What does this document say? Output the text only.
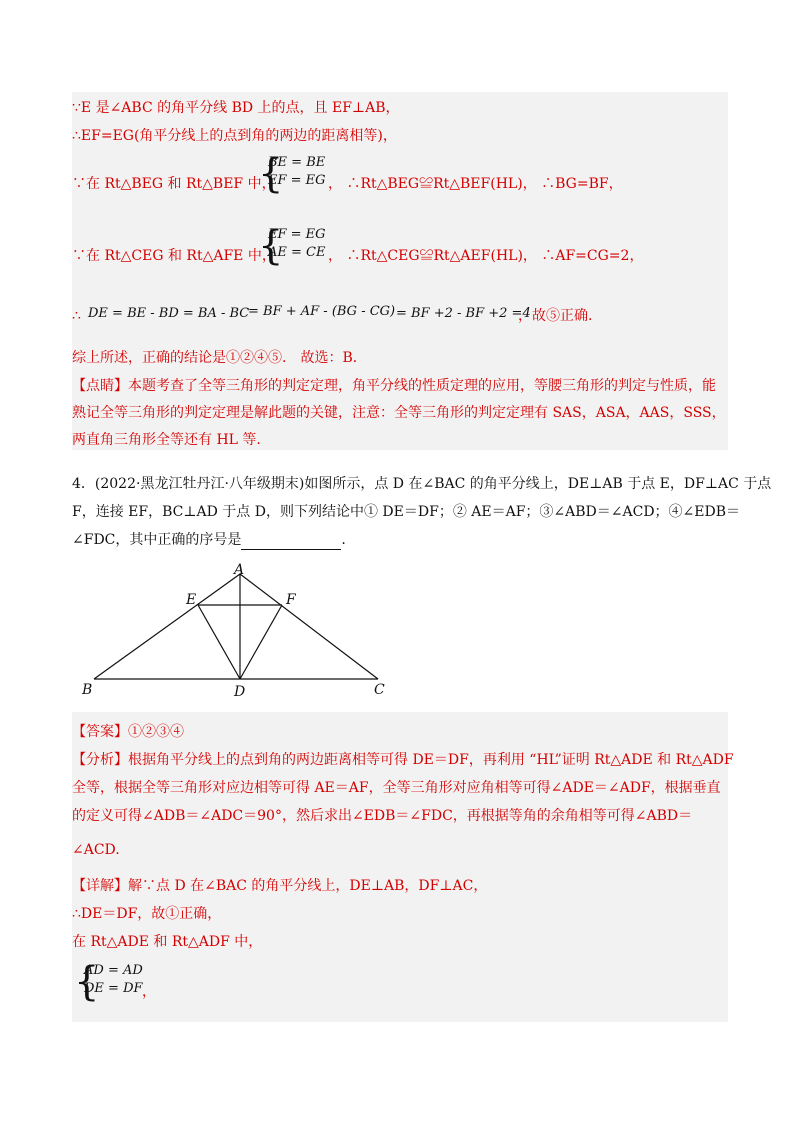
∵E 是∠ABC 的角平分线 BD 上的点，且 EF⊥AB，
∴EF=EG(角平分线上的点到角的两边的距离相等)，
∵在 Rt△BEG 和 Rt△BEF 中，
{
BE = BE
EF = EG ， ∴Rt△BEG≌Rt△BEF(HL)， ∴BG=BF，
∵在 Rt△CEG 和 Rt△AFE 中，
{
EF = EG
AE = CE ， ∴Rt△CEG≌Rt△AEF(HL)， ∴AF=CG=2，
∴ DE = BE - BD = BA - BC
= BF + AF - (BG - CG) = BF +2 - BF +2 =4
，故⑤正确.
综上所述，正确的结论是①②④⑤． 故选：B．
【点睛】本题考查了全等三角形的判定定理，角平分线的性质定理的应用，等腰三角形的判定与性质，能
熟记全等三角形的判定定理是解此题的关键，注意：全等三角形的判定定理有 SAS，ASA，AAS，SSS，
两直角三角形全等还有 HL 等.
4．(2022·黑龙江牡丹江·八年级期末)如图所示，点 D 在∠BAC 的角平分线上，DE⊥AB 于点 E，DF⊥AC 于点
F，连接 EF，BC⊥AD 于点 D，则下列结论中① DE＝DF；② AE＝AF；③∠ABD＝∠ACD；④∠EDB＝
∠FDC，其中正确的序号是	.
A
B	C
D
E	F
【答案】①②③④
【分析】根据角平分线上的点到角的两边距离相等可得 DE＝DF，再利用 “HL”证明 Rt△ADE 和 Rt△ADF
全等，根据全等三角形对应边相等可得 AE＝AF，全等三角形对应角相等可得∠ADE＝∠ADF，根据垂直
的定义可得∠ADB＝∠ADC＝90°，然后求出∠EDB＝∠FDC，再根据等角的余角相等可得∠ABD＝
∠ACD.
【详解】解∵点 D 在∠BAC 的角平分线上，DE⊥AB，DF⊥AC，
∴DE＝DF，故①正确，
在 Rt△ADE 和 Rt△ADF 中，
{
AD = AD
DE = DF ，
